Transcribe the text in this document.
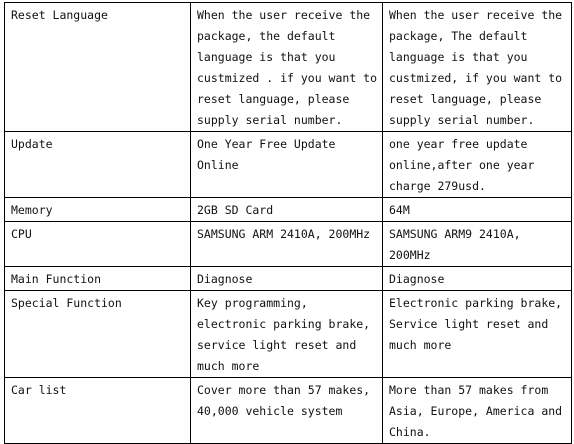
Reset Language	When the user receive the package, the default language is that you custmized . if you want to reset language, please supply serial number.	When the user receive the package, The default language is that you custmized, if you want to reset language, please supply serial number.

Update	One Year Free Update Online	one year free update online,after one year charge 279usd.

Memory	2GB SD Card	64M

CPU	SAMSUNG ARM 2410A, 200MHz	SAMSUNG ARM9 2410A, 200MHz

Main Function	Diagnose	Diagnose

Special Function	Key programming, electronic parking brake, service light reset and much more	Electronic parking brake, Service light reset and much more

Car list	Cover more than 57 makes, 40,000 vehicle system	More than 57 makes from Asia, Europe, America and China.
